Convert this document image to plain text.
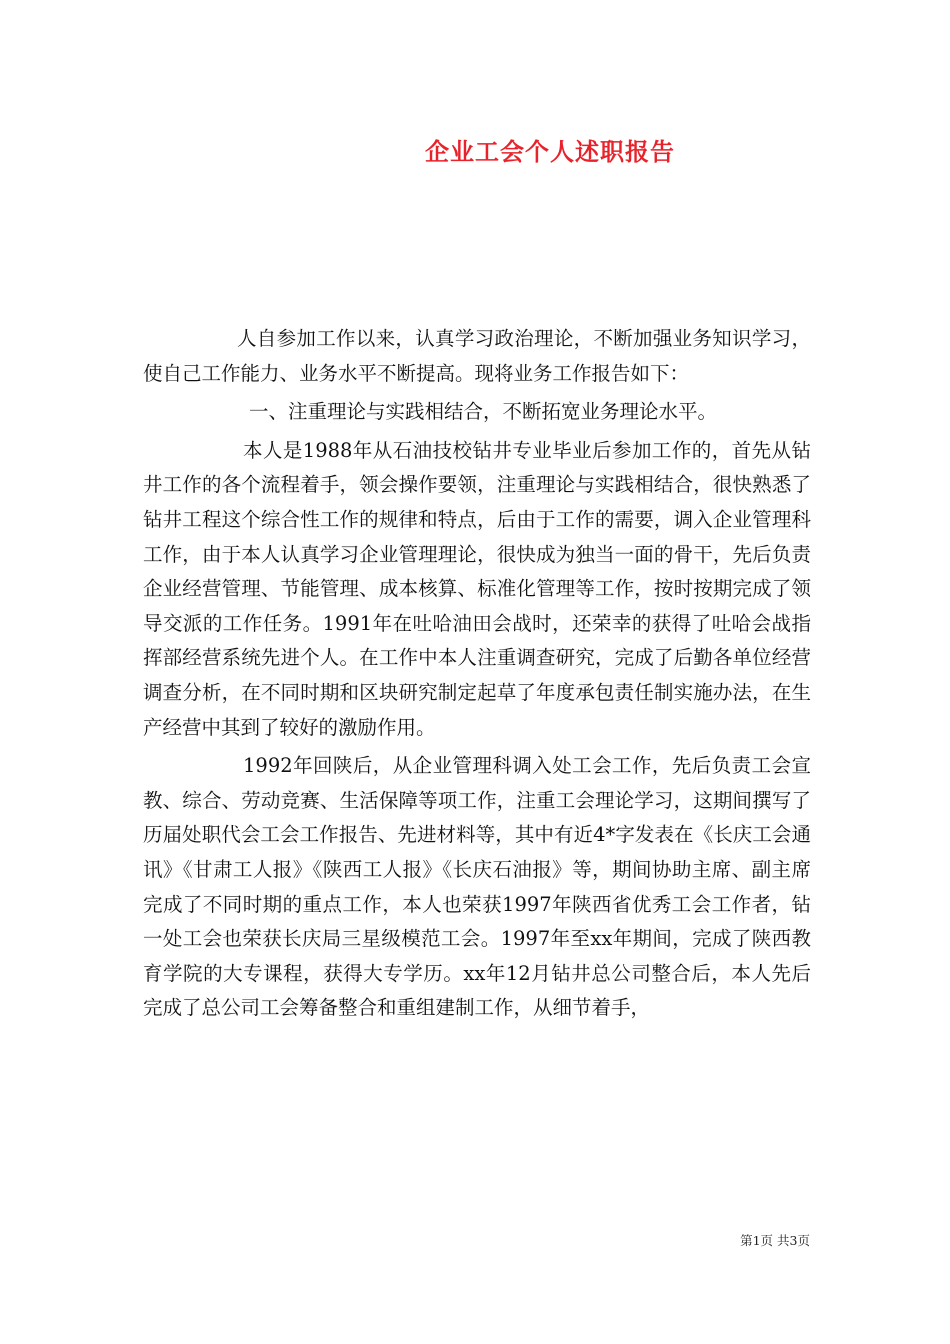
企业工会个人述职报告

人自参加工作以来，认真学习政治理论，不断加强业务知识学习，使自己工作能力、业务水平不断提高。现将业务工作报告如下：

一、注重理论与实践相结合，不断拓宽业务理论水平。

本人是1988年从石油技校钻井专业毕业后参加工作的，首先从钻井工作的各个流程着手，领会操作要领，注重理论与实践相结合，很快熟悉了钻井工程这个综合性工作的规律和特点，后由于工作的需要，调入企业管理科工作，由于本人认真学习企业管理理论，很快成为独当一面的骨干，先后负责企业经营管理、节能管理、成本核算、标准化管理等工作，按时按期完成了领导交派的工作任务。1991年在吐哈油田会战时，还荣幸的获得了吐哈会战指挥部经营系统先进个人。在工作中本人注重调查研究，完成了后勤各单位经营调查分析，在不同时期和区块研究制定起草了年度承包责任制实施办法，在生产经营中其到了较好的激励作用。

1992年回陕后，从企业管理科调入处工会工作，先后负责工会宣教、综合、劳动竞赛、生活保障等项工作，注重工会理论学习，这期间撰写了历届处职代会工会工作报告、先进材料等，其中有近4*字发表在《长庆工会通讯》《甘肃工人报》《陕西工人报》《长庆石油报》等，期间协助主席、副主席完成了不同时期的重点工作，本人也荣获1997年陕西省优秀工会工作者，钻一处工会也荣获长庆局三星级模范工会。1997年至xx年期间，完成了陕西教育学院的大专课程，获得大专学历。xx年12月钻井总公司整合后，本人先后完成了总公司工会筹备整合和重组建制工作，从细节着手，

第1页 共3页
